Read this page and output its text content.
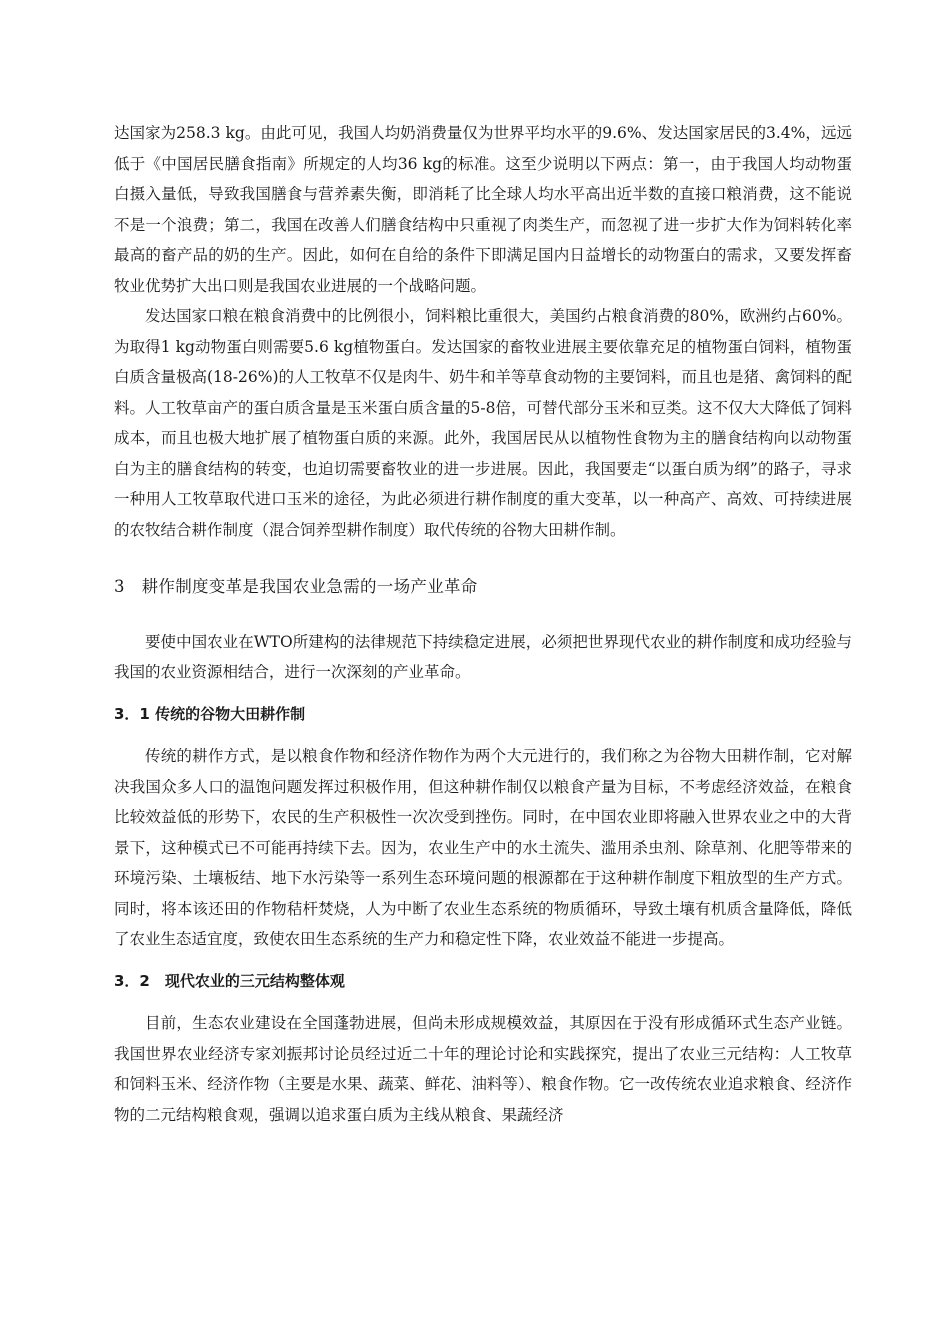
达国家为258.3 kg。由此可见，我国人均奶消费量仅为世界平均水平的9.6%、发达国家居民的3.4%，远远低于《中国居民膳食指南》所规定的人均36 kg的标准。这至少说明以下两点：第一，由于我国人均动物蛋白摄入量低，导致我国膳食与营养素失衡，即消耗了比全球人均水平高出近半数的直接口粮消费，这不能说不是一个浪费；第二，我国在改善人们膳食结构中只重视了肉类生产，而忽视了进一步扩大作为饲料转化率最高的畜产品的奶的生产。因此，如何在自给的条件下即满足国内日益增长的动物蛋白的需求，又要发挥畜牧业优势扩大出口则是我国农业进展的一个战略问题。

发达国家口粮在粮食消费中的比例很小，饲料粮比重很大，美国约占粮食消费的80%，欧洲约占60%。为取得1 kg动物蛋白则需要5.6 kg植物蛋白。发达国家的畜牧业进展主要依靠充足的植物蛋白饲料，植物蛋白质含量极高(18-26%)的人工牧草不仅是肉牛、奶牛和羊等草食动物的主要饲料，而且也是猪、禽饲料的配料。人工牧草亩产的蛋白质含量是玉米蛋白质含量的5-8倍，可替代部分玉米和豆类。这不仅大大降低了饲料成本，而且也极大地扩展了植物蛋白质的来源。此外，我国居民从以植物性食物为主的膳食结构向以动物蛋白为主的膳食结构的转变，也迫切需要畜牧业的进一步进展。因此，我国要走“以蛋白质为纲”的路子，寻求一种用人工牧草取代进口玉米的途径，为此必须进行耕作制度的重大变革，以一种高产、高效、可持续进展的农牧结合耕作制度（混合饲养型耕作制度）取代传统的谷物大田耕作制。

3　耕作制度变革是我国农业急需的一场产业革命

要使中国农业在WTO所建构的法律规范下持续稳定进展，必须把世界现代农业的耕作制度和成功经验与我国的农业资源相结合，进行一次深刻的产业革命。

3．1 传统的谷物大田耕作制

传统的耕作方式，是以粮食作物和经济作物作为两个大元进行的，我们称之为谷物大田耕作制，它对解决我国众多人口的温饱问题发挥过积极作用，但这种耕作制仅以粮食产量为目标，不考虑经济效益，在粮食比较效益低的形势下，农民的生产积极性一次次受到挫伤。同时，在中国农业即将融入世界农业之中的大背景下，这种模式已不可能再持续下去。因为，农业生产中的水土流失、滥用杀虫剂、除草剂、化肥等带来的环境污染、土壤板结、地下水污染等一系列生态环境问题的根源都在于这种耕作制度下粗放型的生产方式。同时，将本该还田的作物秸杆焚烧，人为中断了农业生态系统的物质循环，导致土壤有机质含量降低，降低了农业生态适宜度，致使农田生态系统的生产力和稳定性下降，农业效益不能进一步提高。

3．2　现代农业的三元结构整体观

目前，生态农业建设在全国蓬勃进展，但尚未形成规模效益，其原因在于没有形成循环式生态产业链。我国世界农业经济专家刘振邦讨论员经过近二十年的理论讨论和实践探究，提出了农业三元结构：人工牧草和饲料玉米、经济作物（主要是水果、蔬菜、鲜花、油料等）、粮食作物。它一改传统农业追求粮食、经济作物的二元结构粮食观，强调以追求蛋白质为主线从粮食、果蔬经济
